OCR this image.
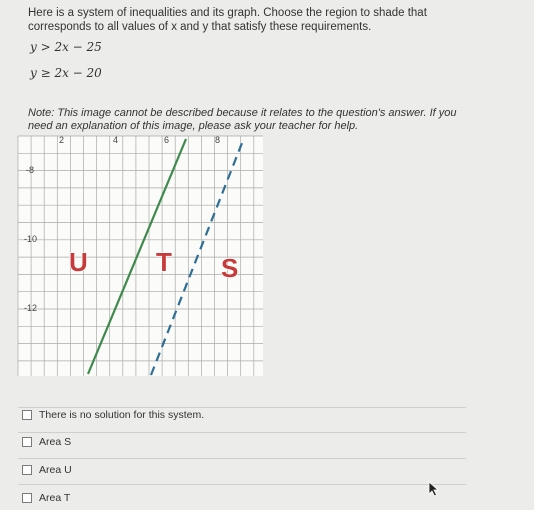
Here is a system of inequalities and its graph. Choose the region to shade that corresponds to all values of x and y that satisfy these requirements.
y > 2x − 25
y ≥ 2x − 20
Note: This image cannot be described because it relates to the question's answer. If you need an explanation of this image, please ask your teacher for help.
2	4	6	8
-8
-10
-12
U	T S
There is no solution for this system.
Area S
Area U
Area T
